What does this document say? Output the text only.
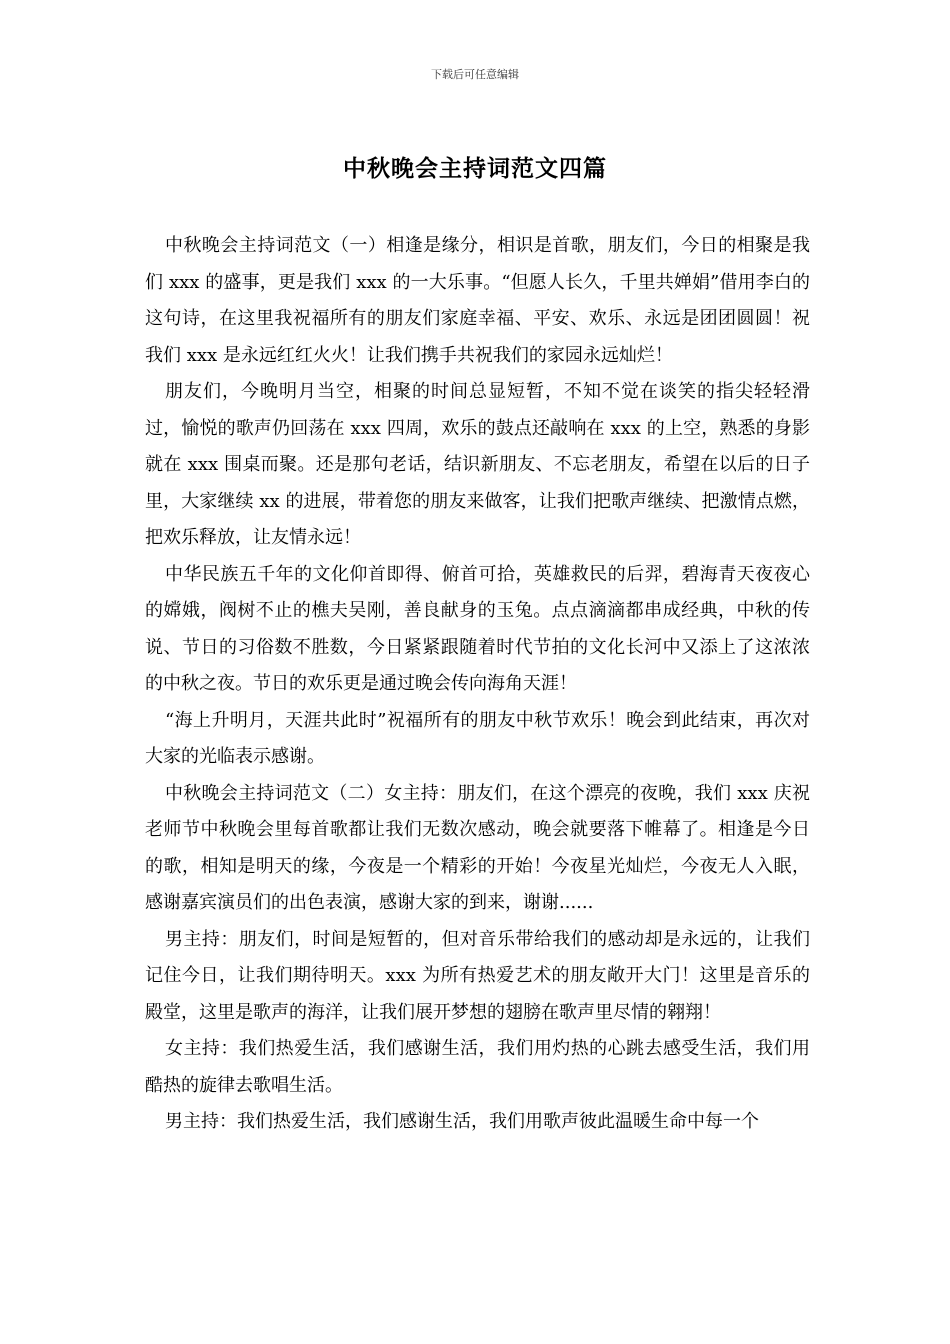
下载后可任意编辑
中秋晚会主持词范文四篇

中秋晚会主持词范文（一）相逢是缘分，相识是首歌，朋友们，今日的相聚是我们 xxx 的盛事，更是我们 xxx 的一大乐事。“但愿人长久，千里共婵娟”借用李白的这句诗，在这里我祝福所有的朋友们家庭幸福、平安、欢乐、永远是团团圆圆！祝我们 xxx 是永远红红火火！让我们携手共祝我们的家园永远灿烂！

朋友们，今晚明月当空，相聚的时间总显短暂，不知不觉在谈笑的指尖轻轻滑过，愉悦的歌声仍回荡在 xxx 四周，欢乐的鼓点还敲响在 xxx 的上空，熟悉的身影就在 xxx 围桌而聚。还是那句老话，结识新朋友、不忘老朋友，希望在以后的日子里，大家继续 xx 的进展，带着您的朋友来做客，让我们把歌声继续、把激情点燃，把欢乐释放，让友情永远！

中华民族五千年的文化仰首即得、俯首可拾，英雄救民的后羿，碧海青天夜夜心的嫦娥，阀树不止的樵夫吴刚，善良献身的玉兔。点点滴滴都串成经典，中秋的传说、节日的习俗数不胜数，今日紧紧跟随着时代节拍的文化长河中又添上了这浓浓的中秋之夜。节日的欢乐更是通过晚会传向海角天涯！

“海上升明月，天涯共此时”祝福所有的朋友中秋节欢乐！晚会到此结束，再次对大家的光临表示感谢。

中秋晚会主持词范文（二）女主持：朋友们，在这个漂亮的夜晚，我们 xxx 庆祝老师节中秋晚会里每首歌都让我们无数次感动，晚会就要落下帷幕了。相逢是今日的歌，相知是明天的缘，今夜是一个精彩的开始！今夜星光灿烂，今夜无人入眠，感谢嘉宾演员们的出色表演，感谢大家的到来，谢谢......

男主持：朋友们，时间是短暂的，但对音乐带给我们的感动却是永远的，让我们记住今日，让我们期待明天。xxx 为所有热爱艺术的朋友敞开大门！这里是音乐的殿堂，这里是歌声的海洋，让我们展开梦想的翅膀在歌声里尽情的翱翔！

女主持：我们热爱生活，我们感谢生活，我们用灼热的心跳去感受生活，我们用酷热的旋律去歌唱生活。

男主持：我们热爱生活，我们感谢生活，我们用歌声彼此温暖生命中每一个
